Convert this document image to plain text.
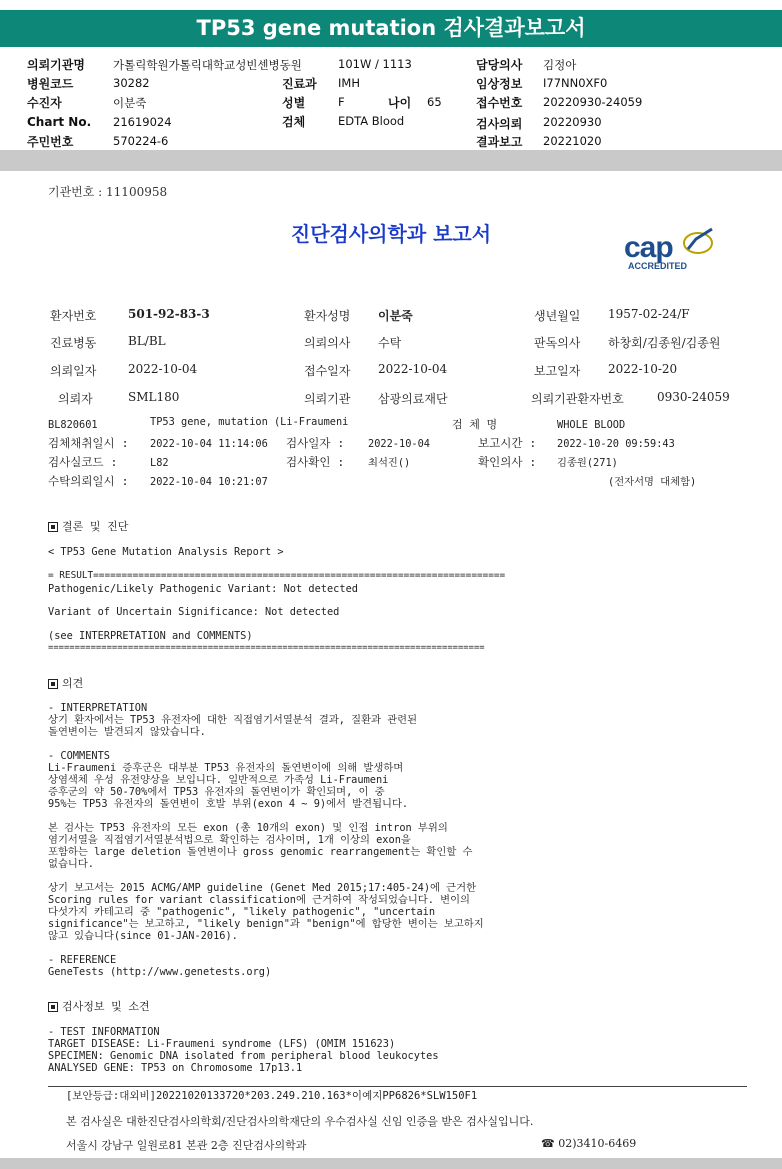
TP53 gene mutation 검사결과보고서
의뢰기관명 가톨릭학원가톨릭대학교성빈센병동원	101W / 1113	담당의사 김정아
병원코드	30282	진료과 IMH	임상정보 I77NN0XF0
수진자	이분죽	성별	F	나이 65	접수번호 20220930-24059
Chart No. 21619024	검체	EDTA Blood	검사의뢰 20220930
주민번호	570224-6	결과보고 20221020
기관번호 : 11100958
진단검사의학과 보고서	cap
ACCREDITED
환자번호	501-92-83-3	환자성명 이분죽	생년월일 1957-02-24/F
진료병동	BL/BL	의뢰의사 수탁	판독의사 하창회/김종원/김종원
의뢰일자	2022-10-04	접수일자 2022-10-04	보고일자 2022-10-20
의뢰자	SML180	의뢰기관 삼광의료재단	의뢰기관환자번호	0930-24059
BL820601	TP53 gene, mutation (Li-Fraumeni	검 체 명	WHOLE BLOOD
검체채취일시 : 2022-10-04 11:14:06 검사일자 : 2022-10-04	보고시간 : 2022-10-20 09:59:43
검사실코드 :	L82	검사확인 : 최석진()	확인의사 : 김종원(271)
수탁의뢰일시 : 2022-10-04 10:21:07	(전자서명 대체함)
결론 및 진단
< TP53 Gene Mutation Analysis Report >
= RESULT=========================================================================
Pathogenic/Likely Pathogenic Variant: Not detected
Variant of Uncertain Significance: Not detected
(see INTERPRETATION and COMMENTS)
==================================================================================
의견
- INTERPRETATION
상기 환자에서는 TP53 유전자에 대한 직접염기서열분석 결과, 질환과 관련된
돌연변이는 발견되지 않았습니다.
- COMMENTS
Li-Fraumeni 증후군은 대부분 TP53 유전자의 돌연변이에 의해 발생하며
상염색체 우성 유전양상을 보입니다. 일반적으로 가족성 Li-Fraumeni
증후군의 약 50-70%에서 TP53 유전자의 돌연변이가 확인되며, 이 중
95%는 TP53 유전자의 돌연변이 호발 부위(exon 4 ~ 9)에서 발견됩니다.
본 검사는 TP53 유전자의 모든 exon (총 10개의 exon) 및 인접 intron 부위의
염기서열을 직접염기서열분석법으로 확인하는 검사이며, 1개 이상의 exon을
포함하는 large deletion 돌연변이나 gross genomic rearrangement는 확인할 수
없습니다.
상기 보고서는 2015 ACMG/AMP guideline (Genet Med 2015;17:405-24)에 근거한
Scoring rules for variant classification에 근거하여 작성되었습니다. 변이의
다섯가지 카테고리 중 "pathogenic", "likely pathogenic", "uncertain
significance"는 보고하고, "likely benign"과 "benign"에 합당한 변이는 보고하지
않고 있습니다(since 01-JAN-2016).
- REFERENCE
GeneTests (http://www.genetests.org)
검사정보 및 소견
- TEST INFORMATION
TARGET DISEASE: Li-Fraumeni syndrome (LFS) (OMIM 151623)
SPECIMEN: Genomic DNA isolated from peripheral blood leukocytes
ANALYSED GENE: TP53 on Chromosome 17p13.1
[보안등급:대외비]20221020133720*203.249.210.163*이예지PP6826*SLW150F1
본 검사실은 대한진단검사의학회/진단검사의학재단의 우수검사실 신임 인증을 받은 검사실입니다.
서울시 강남구 일원로81 본관 2층 진단검사의학과	☎ 02)3410-6469
